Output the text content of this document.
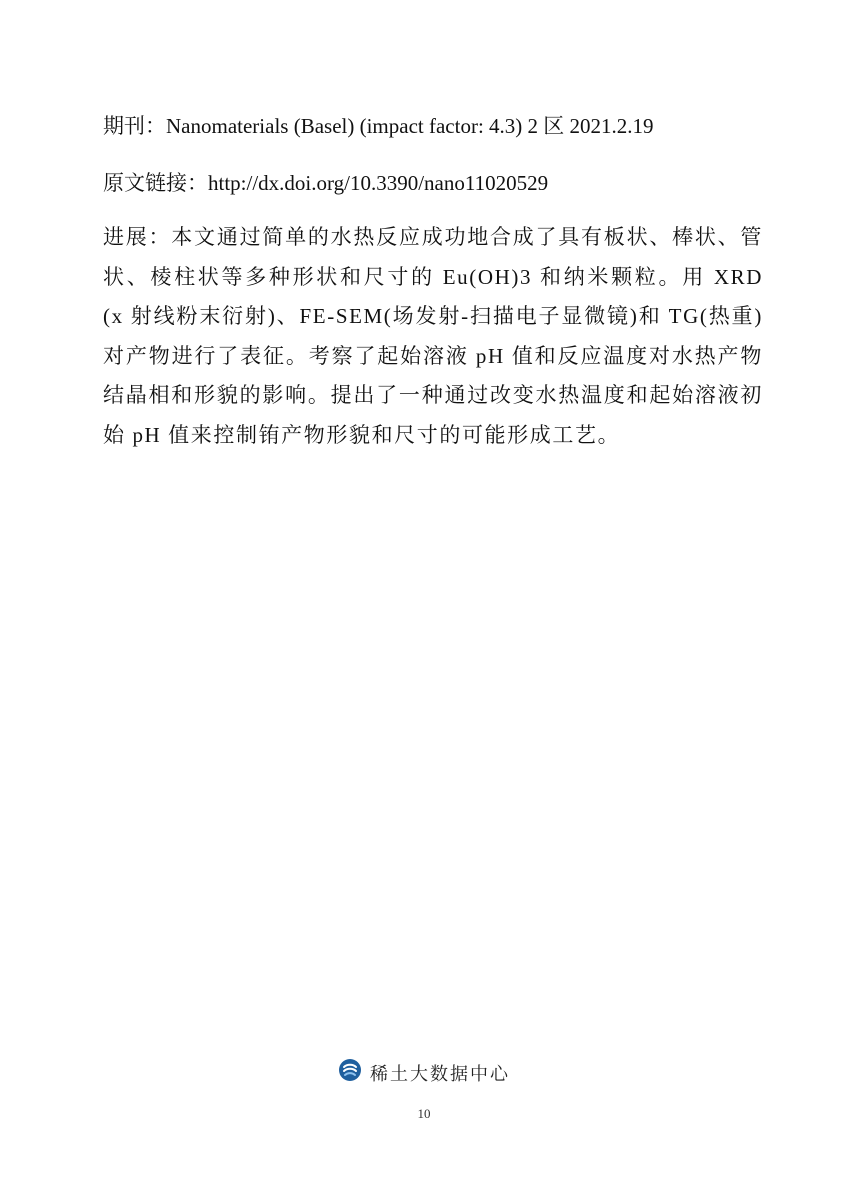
期刊：Nanomaterials (Basel) (impact factor: 4.3) 2 区 2021.2.19
原文链接：http://dx.doi.org/10.3390/nano11020529
进展：本文通过简单的水热反应成功地合成了具有板状、棒状、管状、棱柱状等多种形状和尺寸的 Eu(OH)3 和纳米颗粒。用 XRD (x 射线粉末衍射)、FE-SEM(场发射-扫描电子显微镜)和 TG(热重)对产物进行了表征。考察了起始溶液 pH 值和反应温度对水热产物结晶相和形貌的影响。提出了一种通过改变水热温度和起始溶液初始 pH 值来控制铕产物形貌和尺寸的可能形成工艺。
稀土大数据中心
10
